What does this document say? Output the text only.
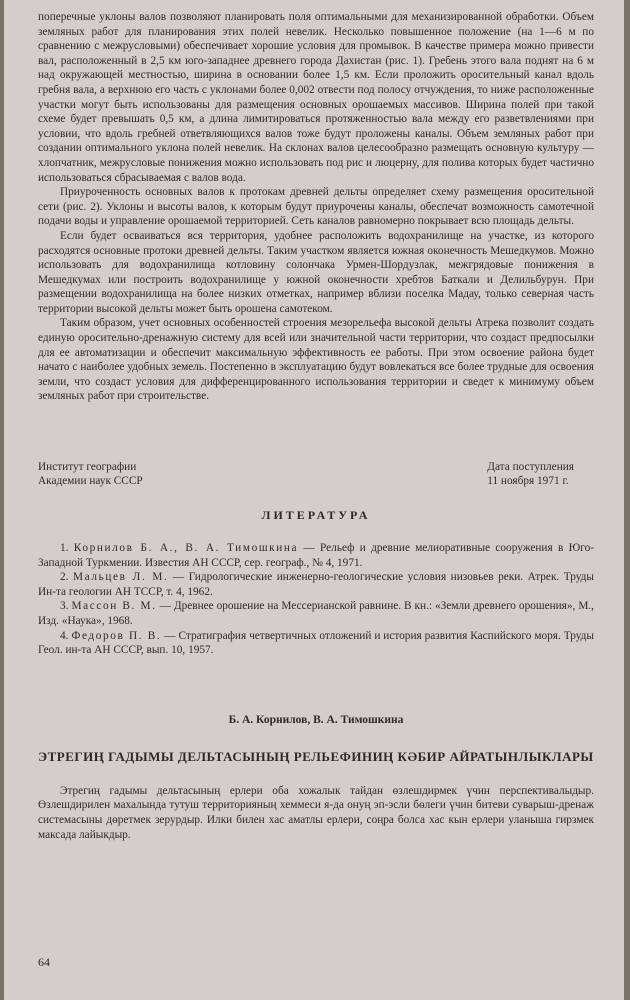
поперечные уклоны валов позволяют планировать поля оптимальными для механизированной обработки. Объем земляных работ для планирования этих полей невелик. Несколько повышенное положение (на 1—6 м по сравнению с межрусловыми) обеспечивает хорошие условия для промывок. В качестве примера можно привести вал, расположенный в 2,5 км юго-западнее древнего города Дахистан (рис. 1). Гребень этого вала поднят на 6 м над окружающей местностью, ширина в основании более 1,5 км. Если проложить оросительный канал вдоль гребня вала, а верхнюю его часть с уклонами более 0,002 отвести под полосу отчуждения, то ниже расположенные участки могут быть использованы для размещения основных орошаемых массивов. Ширина полей при такой схеме будет превышать 0,5 км, а длина лимитироваться протяженностью вала между его разветвлениями при условии, что вдоль гребней ответвляющихся валов тоже будут проложены каналы. Объем земляных работ при создании оптимального уклона полей невелик. На склонах валов целесообразно размещать основную культуру — хлопчатник, межрусловые понижения можно использовать под рис и люцерну, для полива которых будет частично использоваться сбрасываемая с валов вода.

Приуроченность основных валов к протокам древней дельты определяет схему размещения оросительной сети (рис. 2). Уклоны и высоты валов, к которым будут приурочены каналы, обеспечат возможность самотечной подачи воды и управление орошаемой территорией. Сеть каналов равномерно покрывает всю площадь дельты.

Если будет осваиваться вся территория, удобнее расположить водохранилище на участке, из которого расходятся основные протоки древней дельты. Таким участком является южная оконечность Мешедкумов. Можно использовать для водохранилища котловину солончака Урмен-Шордузлак, межгрядовые понижения в Мешедкумах или построить водохранилище у южной оконечности хребтов Баткали и Делильбурун. При размещении водохранилища на более низких отметках, например вблизи поселка Мадау, только северная часть территории высокой дельты может быть орошена самотеком.

Таким образом, учет основных особенностей строения мезорельефа высокой дельты Атрека позволит создать единую оросительно-дренажную систему для всей или значительной части территории, что создаст предпосылки для ее автоматизации и обеспечит максимальную эффективность ее работы. При этом освоение района будет начато с наиболее удобных земель. Постепенно в эксплуатацию будут вовлекаться все более трудные для освоения земли, что создаст условия для дифференцированного использования территории и сведет к минимуму объем земляных работ при строительстве.

Институт географии
Академии наук СССР
Дата поступления
11 ноября 1971 г.
ЛИТЕРАТУРА

1. Корнилов Б. А., В. А. Тимошкина — Рельеф и древние мелиоративные сооружения в Юго-Западной Туркмении. Известия АН СССР, сер. географ., № 4, 1971.

2. Мальцев Л. М. — Гидрологические инженерно-геологические условия низовьев реки. Атрек. Труды Ин-та геологии АН ТССР, т. 4, 1962.

3. Массон В. М. — Древнее орошение на Мессерианской равнине. В кн.: «Земли древнего орошения», М., Изд. «Наука», 1968.

4. Федоров П. В. — Стратиграфия четвертичных отложений и история развития Каспийского моря. Труды Геол. ин-та АН СССР, вып. 10, 1957.

Б. А. Корнилов, В. А. Тимошкина
ЭТРЕГИҢ ГАДЫМЫ ДЕЛЬТАСЫНЫҢ РЕЛЬЕФИНИҢ КӘБИР АЙРАТЫНЛЫКЛАРЫ

Этрегиң гадымы дельтасының ерлери оба хожалык тайдан өзлешдирмек үчин перспективалыдыр. Өзлешдирилен махалында тутуш территорияның хеммеси я-да онуң эп-эсли бөлеги үчин битеви суварыш-дренаж системасыны дөретмек зерурдыр. Илки билен хас аматлы ерлери, соңра болса хас кын ерлери уланыша гирзмек максада лайыкдыр.

64
